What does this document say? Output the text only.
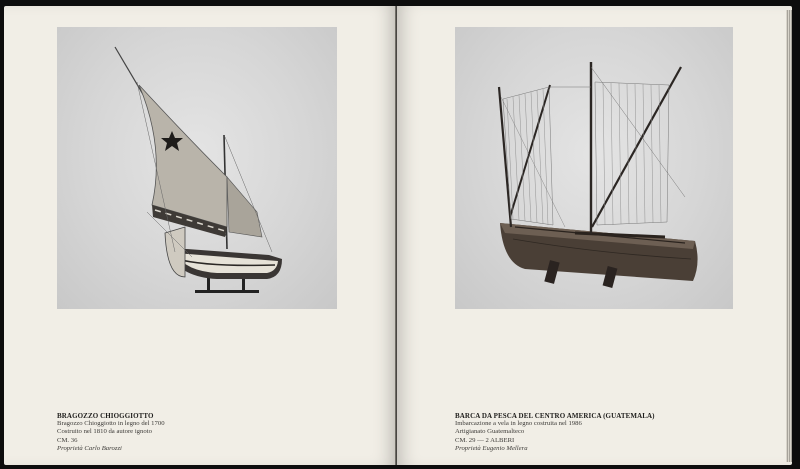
BRAGOZZO CHIOGGIOTTO
Bragozzo Chioggiotto in legno del 1700
Costruito nel 1810 da autore ignoto
CM. 36
Proprietà Carlo Barozzi
BARCA DA PESCA DEL CENTRO AMERICA (GUATEMALA)
Imbarcazione a vela in legno costruita nel 1986
Artigianato Guatemalteco
CM. 29 — 2 ALBERI
Proprietà Eugenio Mellera
